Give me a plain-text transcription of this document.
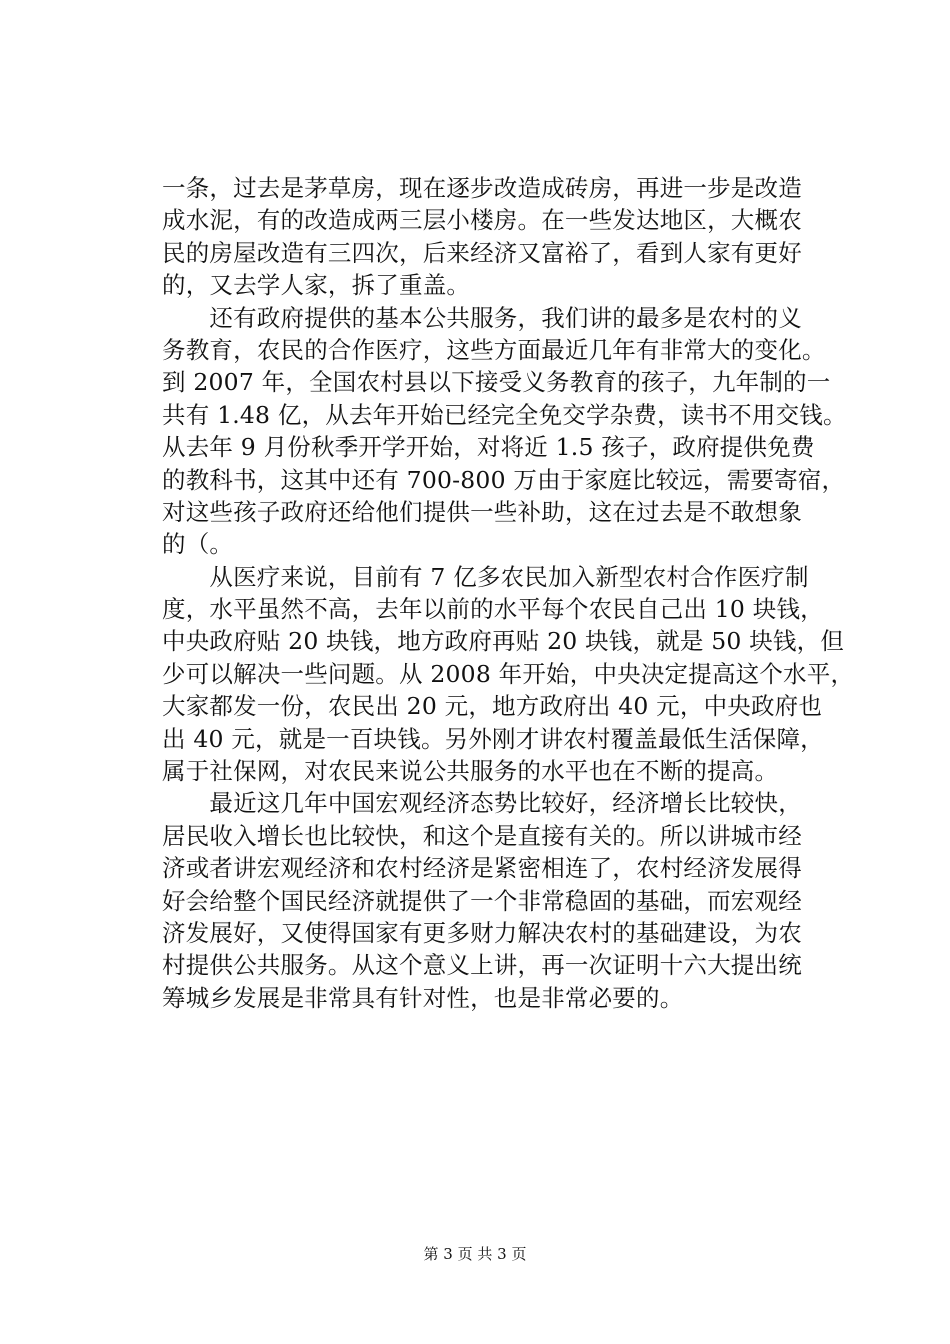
一条，过去是茅草房，现在逐步改造成砖房，再进一步是改造
成水泥，有的改造成两三层小楼房。在一些发达地区，大概农
民的房屋改造有三四次，后来经济又富裕了，看到人家有更好
的，又去学人家，拆了重盖。
　　还有政府提供的基本公共服务，我们讲的最多是农村的义
务教育，农民的合作医疗，这些方面最近几年有非常大的变化。
到 2007 年，全国农村县以下接受义务教育的孩子，九年制的一
共有 1.48 亿，从去年开始已经完全免交学杂费，读书不用交钱。
从去年 9 月份秋季开学开始，对将近 1.5 孩子，政府提供免费
的教科书，这其中还有 700-800 万由于家庭比较远，需要寄宿，
对这些孩子政府还给他们提供一些补助，这在过去是不敢想象
的（。
　　从医疗来说，目前有 7 亿多农民加入新型农村合作医疗制
度，水平虽然不高，去年以前的水平每个农民自己出 10 块钱，
中央政府贴 20 块钱，地方政府再贴 20 块钱，就是 50 块钱，但
少可以解决一些问题。从 2008 年开始，中央决定提高这个水平，
大家都发一份，农民出 20 元，地方政府出 40 元，中央政府也
出 40 元，就是一百块钱。另外刚才讲农村覆盖最低生活保障，
属于社保网，对农民来说公共服务的水平也在不断的提高。
　　最近这几年中国宏观经济态势比较好，经济增长比较快，
居民收入增长也比较快，和这个是直接有关的。所以讲城市经
济或者讲宏观经济和农村经济是紧密相连了，农村经济发展得
好会给整个国民经济就提供了一个非常稳固的基础，而宏观经
济发展好，又使得国家有更多财力解决农村的基础建设，为农
村提供公共服务。从这个意义上讲，再一次证明十六大提出统
筹城乡发展是非常具有针对性，也是非常必要的。
第 3 页 共 3 页
